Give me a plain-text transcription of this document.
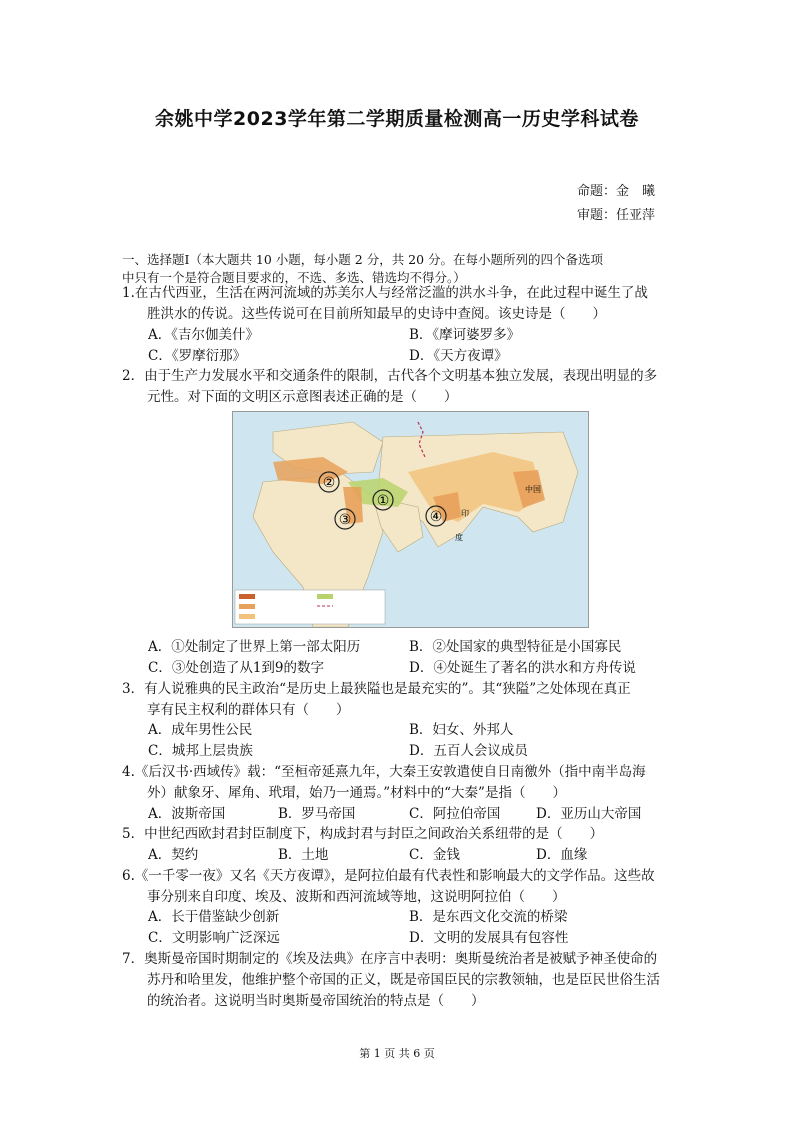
余姚中学2023学年第二学期质量检测高一历史学科试卷
命题：金　曦
审题：任亚萍
一、选择题Ⅰ（本大题共 10 小题，每小题 2 分，共 20 分。在每小题所列的四个备选项
中只有一个是符合题目要求的，不选、多选、错选均不得分。）
1.在古代西亚，生活在两河流域的苏美尔人与经常泛滥的洪水斗争，在此过程中诞生了战
胜洪水的传说。这些传说可在目前所知最早的史诗中查阅。该史诗是（　　）
A．《吉尔伽美什》	B．《摩诃婆罗多》
C．《罗摩衍那》	D．《天方夜谭》
2．由于生产力发展水平和交通条件的限制，古代各个文明基本独立发展，表现出明显的多
元性。对下面的文明区示意图表述正确的是（　　）
②
①
③	④
中国
印
度
A．①处制定了世界上第一部太阳历	B．②处国家的典型特征是小国寡民
C．③处创造了从1到9的数字	D．④处诞生了著名的洪水和方舟传说
3．有人说雅典的民主政治“是历史上最狭隘也是最充实的”。其“狭隘”之处体现在真正
享有民主权利的群体只有（　　）
A．成年男性公民	B．妇女、外邦人
C．城邦上层贵族	D．五百人会议成员
4.《后汉书·西域传》载：“至桓帝延熹九年，大秦王安敦遣使自日南徼外（指中南半岛海
外）献象牙、犀角、玳瑁，始乃一通焉。”材料中的“大秦”是指（　　）
A．波斯帝国	B．罗马帝国	C．阿拉伯帝国	D．亚历山大帝国
5．中世纪西欧封君封臣制度下，构成封君与封臣之间政治关系纽带的是（　　）
A．契约	B．土地	C．金钱	D．血缘
6.《一千零一夜》又名《天方夜谭》，是阿拉伯最有代表性和影响最大的文学作品。这些故
事分别来自印度、埃及、波斯和西河流域等地，这说明阿拉伯（　　）
A．长于借鉴缺少创新	B．是东西文化交流的桥梁
C．文明影响广泛深远	D．文明的发展具有包容性
7．奥斯曼帝国时期制定的《埃及法典》在序言中表明：奥斯曼统治者是被赋予神圣使命的
苏丹和哈里发，他维护整个帝国的正义，既是帝国臣民的宗教领轴，也是臣民世俗生活
的统治者。这说明当时奥斯曼帝国统治的特点是（　　）
第 1 页 共 6 页
